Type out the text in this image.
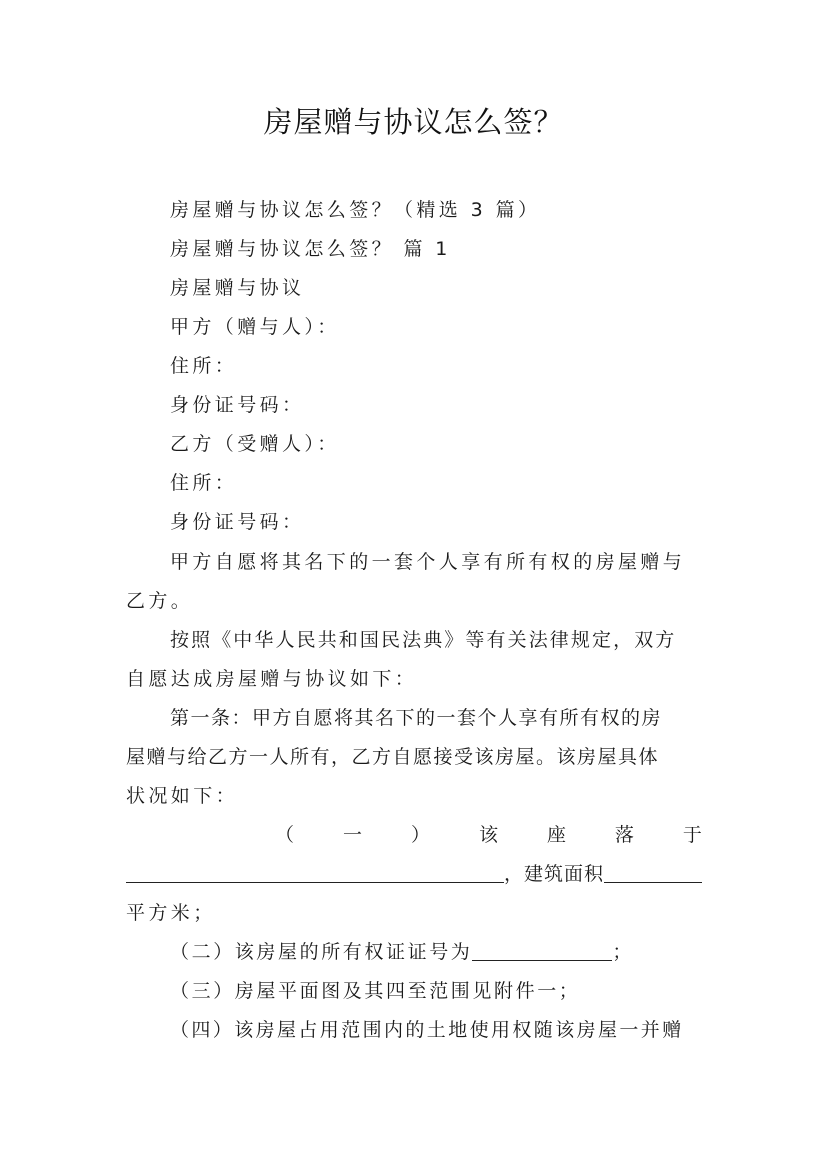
房屋赠与协议怎么签？
房屋赠与协议怎么签？（精选 3 篇）
房屋赠与协议怎么签？ 篇 1
房屋赠与协议
甲方（赠与人）：
住所：
身份证号码：
乙方（受赠人）：
住所：
身份证号码：
甲方自愿将其名下的一套个人享有所有权的房屋赠与
乙方。
按照《中华人民共和国民法典》等有关法律规定，双方
自愿达成房屋赠与协议如下：
第一条：甲方自愿将其名下的一套个人享有所有权的房
屋赠与给乙方一人所有，乙方自愿接受该房屋。该房屋具体
状况如下：
（	一	）	该	座	落	于
，建筑面积
平方米；
（二）该房屋的所有权证证号为	；
（三）房屋平面图及其四至范围见附件一；
（四）该房屋占用范围内的土地使用权随该房屋一并赠
